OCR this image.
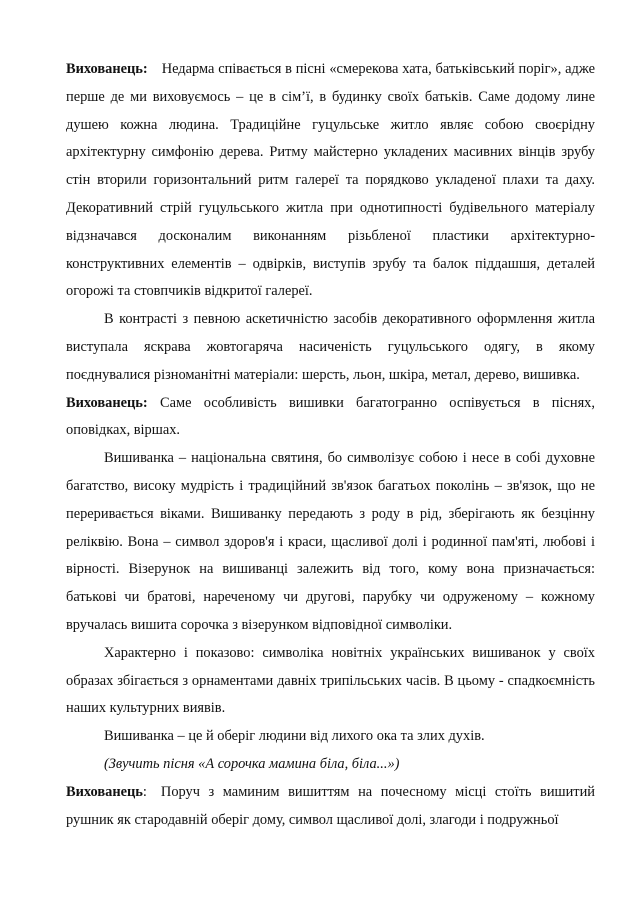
Вихованець: Недарма співається в пісні «смерекова хата, батьківський поріг», адже перше де ми виховуємось – це в сім’ї, в будинку своїх батьків. Саме додому лине душею кожна людина. Традиційне гуцульське житло являє собою своєрідну архітектурну симфонію дерева. Ритму майстерно укладених масивних вінців зрубу стін вторили горизонтальний ритм галереї та порядково укладеної плахи та даху. Декоративний стрій гуцульського житла при однотипності будівельного матеріалу відзначався досконалим виконанням різьбленої пластики архітектурно-конструктивних елементів – одвірків, виступів зрубу та балок піддашшя, деталей огорожі та стовпчиків відкритої галереї.

В контрасті з певною аскетичністю засобів декоративного оформлення житла виступала яскрава жовтогаряча насиченість гуцульського одягу, в якому поєднувалися різноманітні матеріали: шерсть, льон, шкіра, метал, дерево, вишивка.

Вихованець: Саме особливість вишивки багатогранно оспівується в піснях, оповідках, віршах.

Вишиванка – національна святиня, бо символізує собою і несе в собі духовне багатство, високу мудрість і традиційний зв'язок багатьох поколінь – зв'язок, що не переривається віками. Вишиванку передають з роду в рід, зберігають як безцінну реліквію. Вона – символ здоров'я і краси, щасливої долі і родинної пам'яті, любові і вірності. Візерунок на вишиванці залежить від того, кому вона призначається: батькові чи братові, нареченому чи другові, парубку чи одруженому – кожному вручалась вишита сорочка з візерунком відповідної символіки.

Характерно і показово: символіка новітніх українських вишиванок у своїх образах збігається з орнаментами давніх трипільських часів. В цьому - спадкоємність наших культурних виявів.

Вишиванка – це й оберіг людини від лихого ока та злих духів.

(Звучить пісня «А сорочка мамина біла, біла...»)

Вихованець: Поруч з маминим вишиттям на почесному місці стоїть вишитий рушник як стародавній оберіг дому, символ щасливої долі, злагоди і подружньої
